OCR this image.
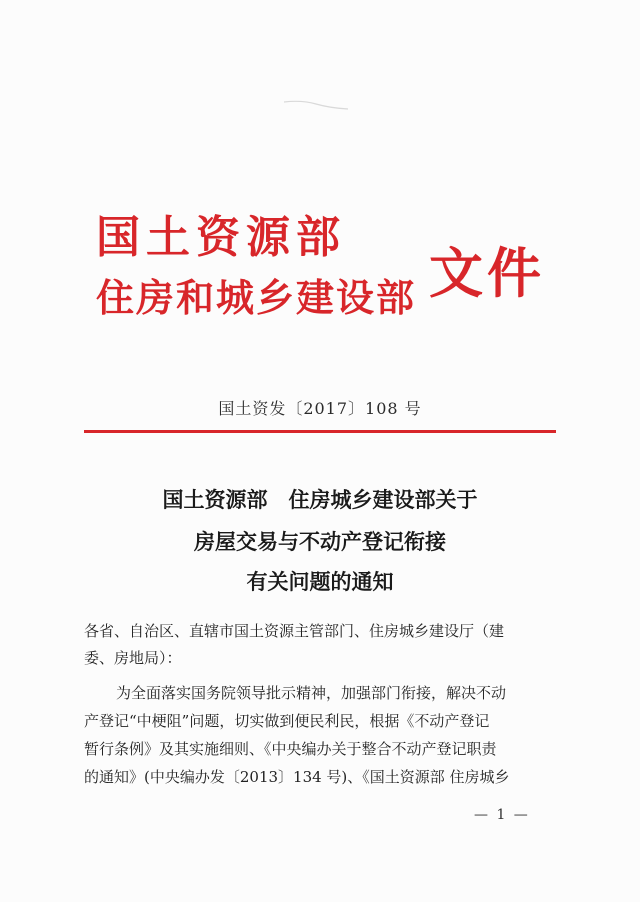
国土资源部
住房和城乡建设部 文件
国土资发〔2017〕108 号
国土资源部　住房城乡建设部关于
房屋交易与不动产登记衔接
有关问题的通知
各省、自治区、直辖市国土资源主管部门、住房城乡建设厅（建
委、房地局）：
为全面落实国务院领导批示精神，加强部门衔接，解决不动
产登记“中梗阻”问题，切实做到便民利民，根据《不动产登记
暂行条例》及其实施细则、《中央编办关于整合不动产登记职责
的通知》(中央编办发〔2013〕134 号)、《国土资源部 住房城乡
— 1 —
